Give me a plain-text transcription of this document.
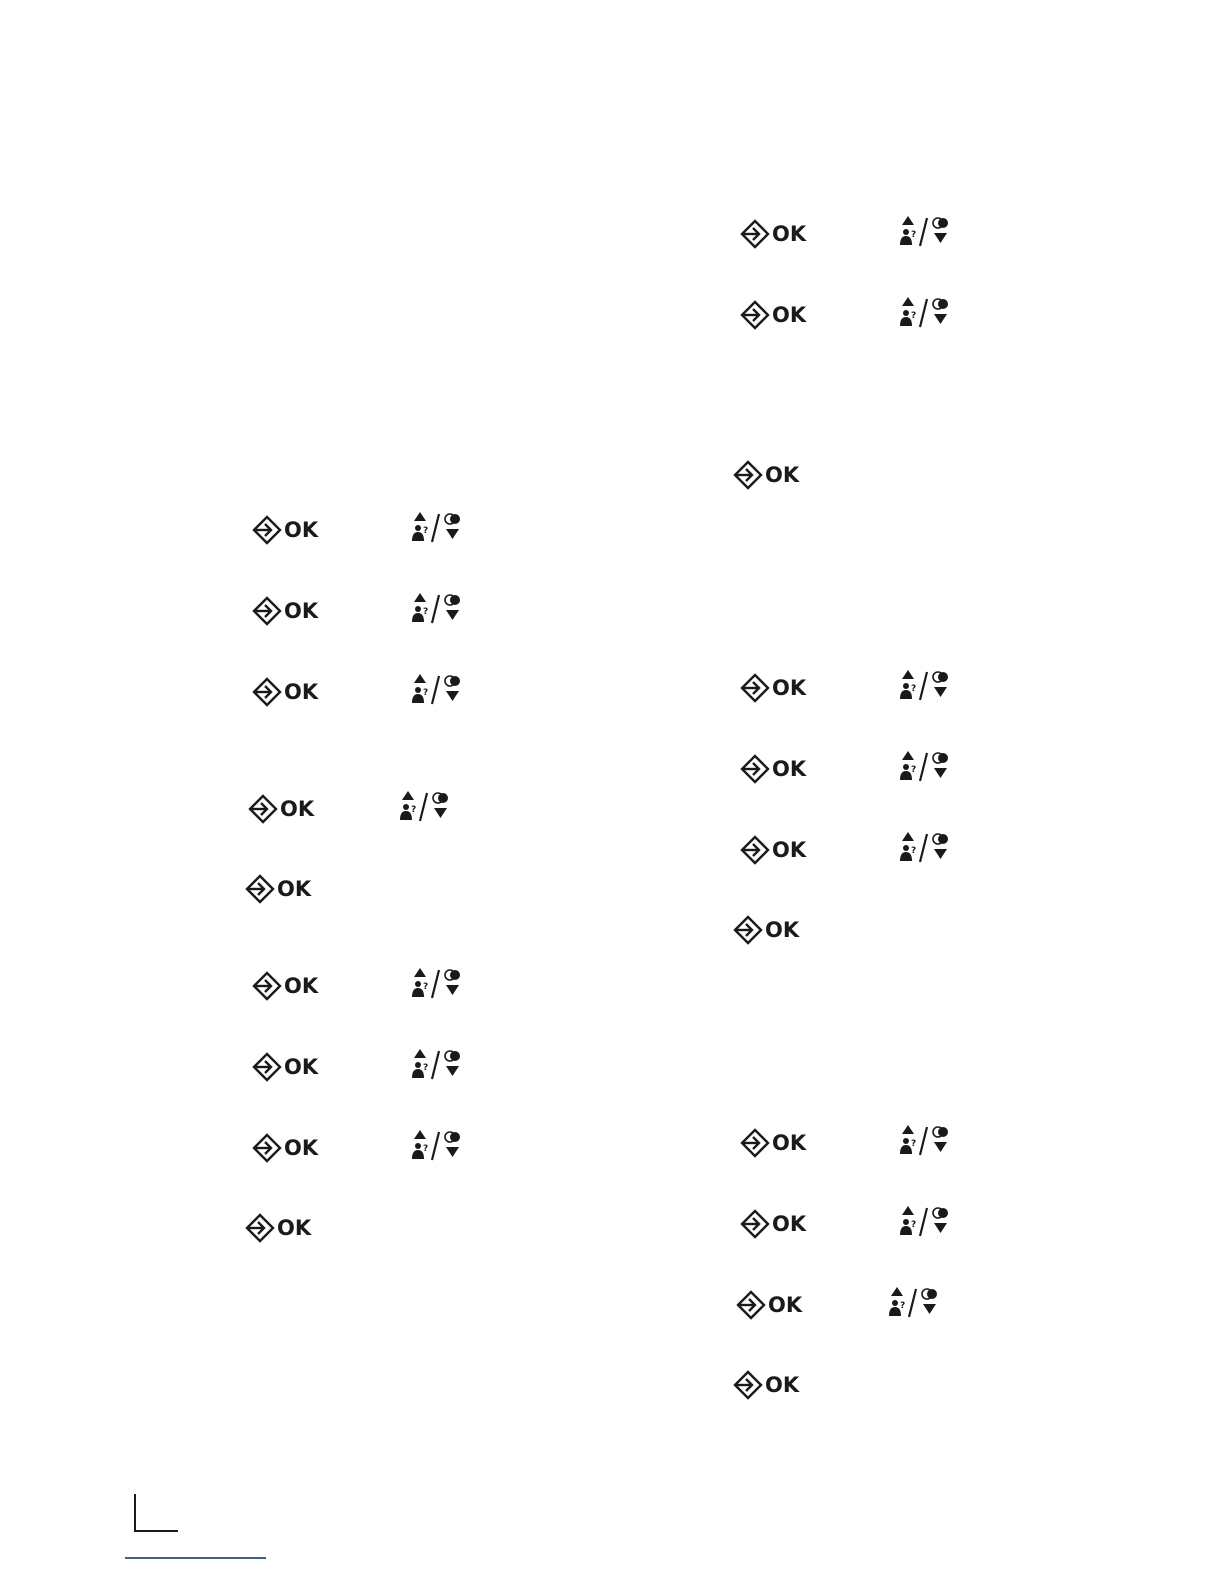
OK	?
OK	?
OK	?
OK	?
OK
OK	?
OK	?
OK	?
OK
OK	?
OK	?
OK
OK	?
OK	?
OK	?
OK
OK	?
OK	?
OK	?
OK
